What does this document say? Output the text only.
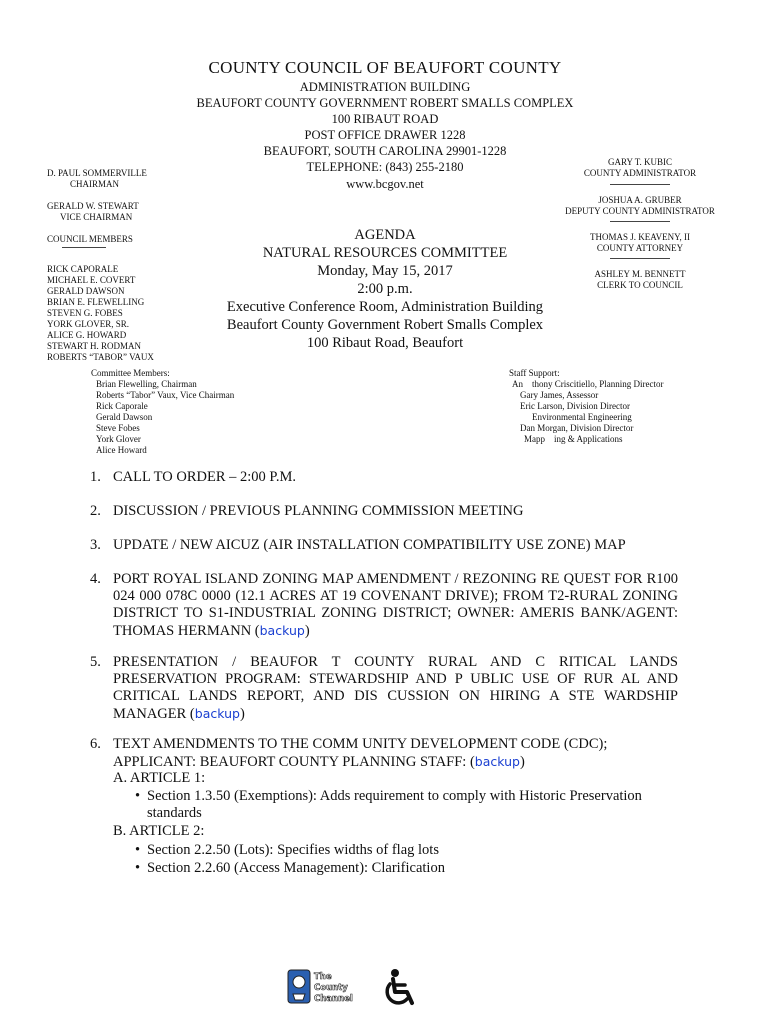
COUNTY COUNCIL OF BEAUFORT COUNTY
ADMINISTRATION BUILDING
BEAUFORT COUNTY GOVERNMENT ROBERT SMALLS COMPLEX
100 RIBAUT ROAD
POST OFFICE DRAWER 1228
BEAUFORT, SOUTH CAROLINA 29901-1228
TELEPHONE: (843) 255-2180
www.bcgov.net
D. PAUL SOMMERVILLE
CHAIRMAN
GERALD W. STEWART
VICE CHAIRMAN
COUNCIL MEMBERS
RICK CAPORALE
MICHAEL E. COVERT
GERALD DAWSON
BRIAN E. FLEWELLING
STEVEN G. FOBES
YORK GLOVER, SR.
ALICE G. HOWARD
STEWART H. RODMAN
ROBERTS “TABOR” VAUX
GARY T. KUBIC
COUNTY ADMINISTRATOR
JOSHUA A. GRUBER
DEPUTY COUNTY ADMINISTRATOR
THOMAS J. KEAVENY, II
COUNTY ATTORNEY
ASHLEY M. BENNETT
CLERK TO COUNCIL
AGENDA
NATURAL RESOURCES COMMITTEE
Monday, May 15, 2017
2:00 p.m.
Executive Conference Room, Administration Building
Beaufort County Government Robert Smalls Complex
100 Ribaut Road, Beaufort
Committee Members:
Brian Flewelling, Chairman
Roberts “Tabor” Vaux, Vice Chairman
Rick Caporale
Gerald Dawson
Steve Fobes
York Glover
Alice Howard
Staff Support:
An    thony Criscitiello, Planning Director
Gary James, Assessor
Eric Larson, Division Director
Environmental Engineering
Dan Morgan, Division Director
Mapp    ing & Applications
1. CALL TO ORDER – 2:00 P.M.
2. DISCUSSION / PREVIOUS PLANNING COMMISSION MEETING
3. UPDATE / NEW AICUZ (AIR INSTALLATION COMPATIBILITY USE ZONE) MAP
4. PORT ROYAL ISLAND ZONING MAP AMENDMENT / REZONING RE QUEST FOR R100 024 000 078C 0000 (12.1 ACRES AT 19 COVENANT DRIVE); FROM T2-RURAL ZONING DISTRICT TO S1-INDUSTRIAL ZONING DISTRICT; OWNER: AMERIS BANK/AGENT: THOMAS HERMANN (backup)
5. PRESENTATION / BEAUFOR T COUNTY RURAL AND C RITICAL LANDS PRESERVATION PROGRAM: STEWARDSHIP AND P UBLIC USE OF RUR AL AND CRITICAL LANDS REPORT, AND DIS CUSSION ON HIRING A STE WARDSHIP MANAGER (backup)
6. TEXT AMENDMENTS TO THE COMM UNITY DEVELOPMENT CODE (CDC); APPLICANT: BEAUFORT COUNTY PLANNING STAFF: (backup)
A. ARTICLE 1:
• Section 1.3.50 (Exemptions): Adds requirement to comply with Historic Preservation standards
B. ARTICLE 2:
• Section 2.2.50 (Lots): Specifies widths of flag lots
• Section 2.2.60 (Access Management): Clarification
The
County
Channel
